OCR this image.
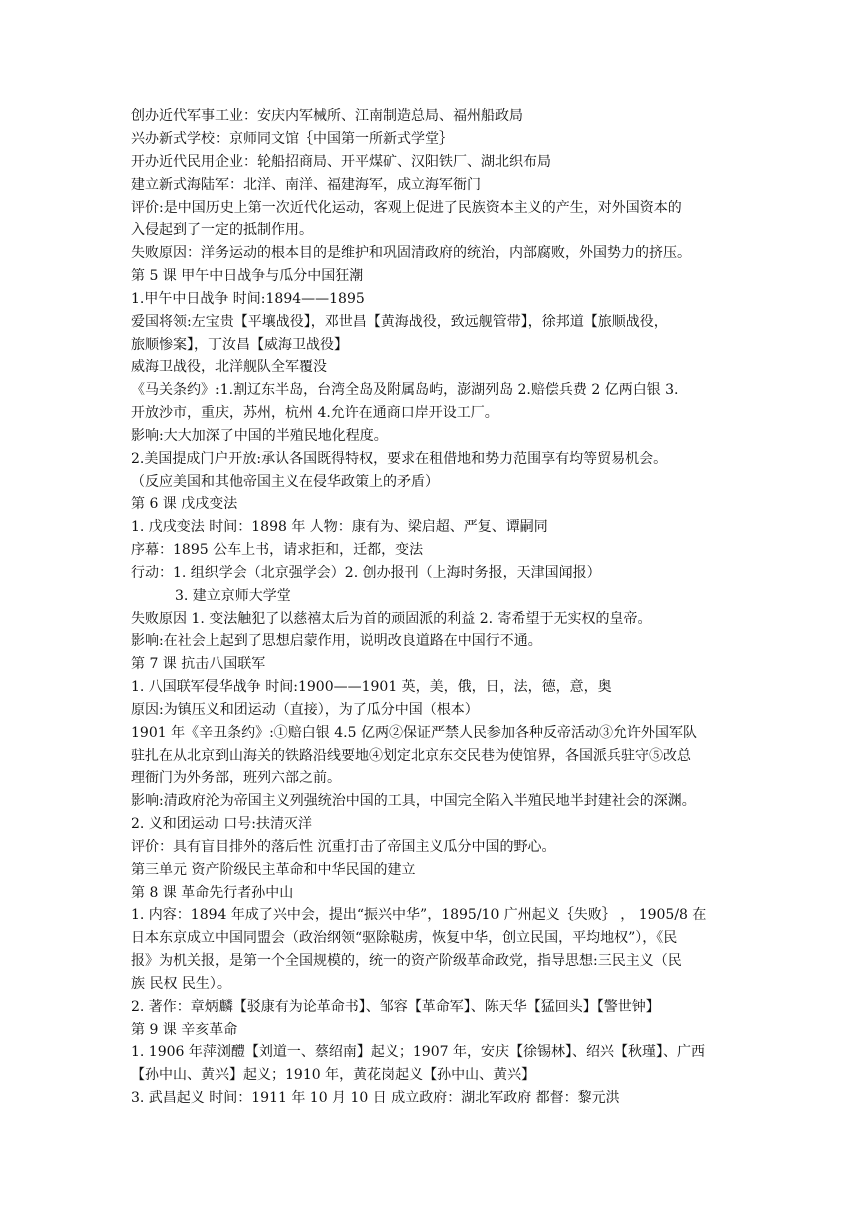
创办近代军事工业：安庆内军械所、江南制造总局、福州船政局
兴办新式学校：京师同文馆｛中国第一所新式学堂｝
开办近代民用企业：轮船招商局、开平煤矿、汉阳铁厂、湖北织布局
建立新式海陆军：北洋、南洋、福建海军，成立海军衙门
评价:是中国历史上第一次近代化运动，客观上促进了民族资本主义的产生，对外国资本的
入侵起到了一定的抵制作用。
失败原因：洋务运动的根本目的是维护和巩固清政府的统治，内部腐败，外国势力的挤压。
第 5 课 甲午中日战争与瓜分中国狂潮
1.甲午中日战争 时间:1894——1895
爱国将领:左宝贵【平壤战役】，邓世昌【黄海战役，致远舰管带】，徐邦道【旅顺战役，
旅顺惨案】，丁汝昌【威海卫战役】
威海卫战役，北洋舰队全军覆没
《马关条约》:1.割辽东半岛，台湾全岛及附属岛屿，澎湖列岛 2.赔偿兵费 2 亿两白银 3.
开放沙市，重庆，苏州，杭州 4.允许在通商口岸开设工厂。
影响:大大加深了中国的半殖民地化程度。
2.美国提成门户开放:承认各国既得特权，要求在租借地和势力范围享有均等贸易机会。
（反应美国和其他帝国主义在侵华政策上的矛盾）
第 6 课 戊戌变法
1. 戊戌变法 时间：1898 年 人物：康有为、梁启超、严复、谭嗣同
序幕：1895 公车上书，请求拒和，迁都，变法
行动：1. 组织学会（北京强学会）2. 创办报刊（上海时务报，天津国闻报）
3. 建立京师大学堂
失败原因 1. 变法触犯了以慈禧太后为首的顽固派的利益 2. 寄希望于无实权的皇帝。
影响:在社会上起到了思想启蒙作用，说明改良道路在中国行不通。
第 7 课 抗击八国联军
1. 八国联军侵华战争 时间:1900——1901 英，美，俄，日，法，德，意，奥
原因:为镇压义和团运动（直接），为了瓜分中国（根本）
1901 年《辛丑条约》:①赔白银 4.5 亿两②保证严禁人民参加各种反帝活动③允许外国军队
驻扎在从北京到山海关的铁路沿线要地④划定北京东交民巷为使馆界，各国派兵驻守⑤改总
理衙门为外务部，班列六部之前。
影响:清政府沦为帝国主义列强统治中国的工具，中国完全陷入半殖民地半封建社会的深渊。
2. 义和团运动 口号:扶清灭洋
评价：具有盲目排外的落后性 沉重打击了帝国主义瓜分中国的野心。
第三单元 资产阶级民主革命和中华民国的建立
第 8 课 革命先行者孙中山
1. 内容：1894 年成了兴中会，提出“振兴中华”，1895/10 广州起义｛失败｝ ， 1905/8 在
日本东京成立中国同盟会（政治纲领“驱除鞑虏，恢复中华，创立民国，平均地权”），《民
报》为机关报，是第一个全国规模的，统一的资产阶级革命政党，指导思想:三民主义（民
族 民权 民生）。
2. 著作：章炳麟【驳康有为论革命书】、邹容【革命军】、陈天华【猛回头】【警世钟】
第 9 课 辛亥革命
1. 1906 年萍浏醴【刘道一、蔡绍南】起义；1907 年，安庆【徐锡林】、绍兴【秋瑾】、广西
【孙中山、黄兴】起义；1910 年，黄花岗起义【孙中山、黄兴】
3. 武昌起义 时间：1911 年 10 月 10 日 成立政府：湖北军政府 都督：黎元洪
